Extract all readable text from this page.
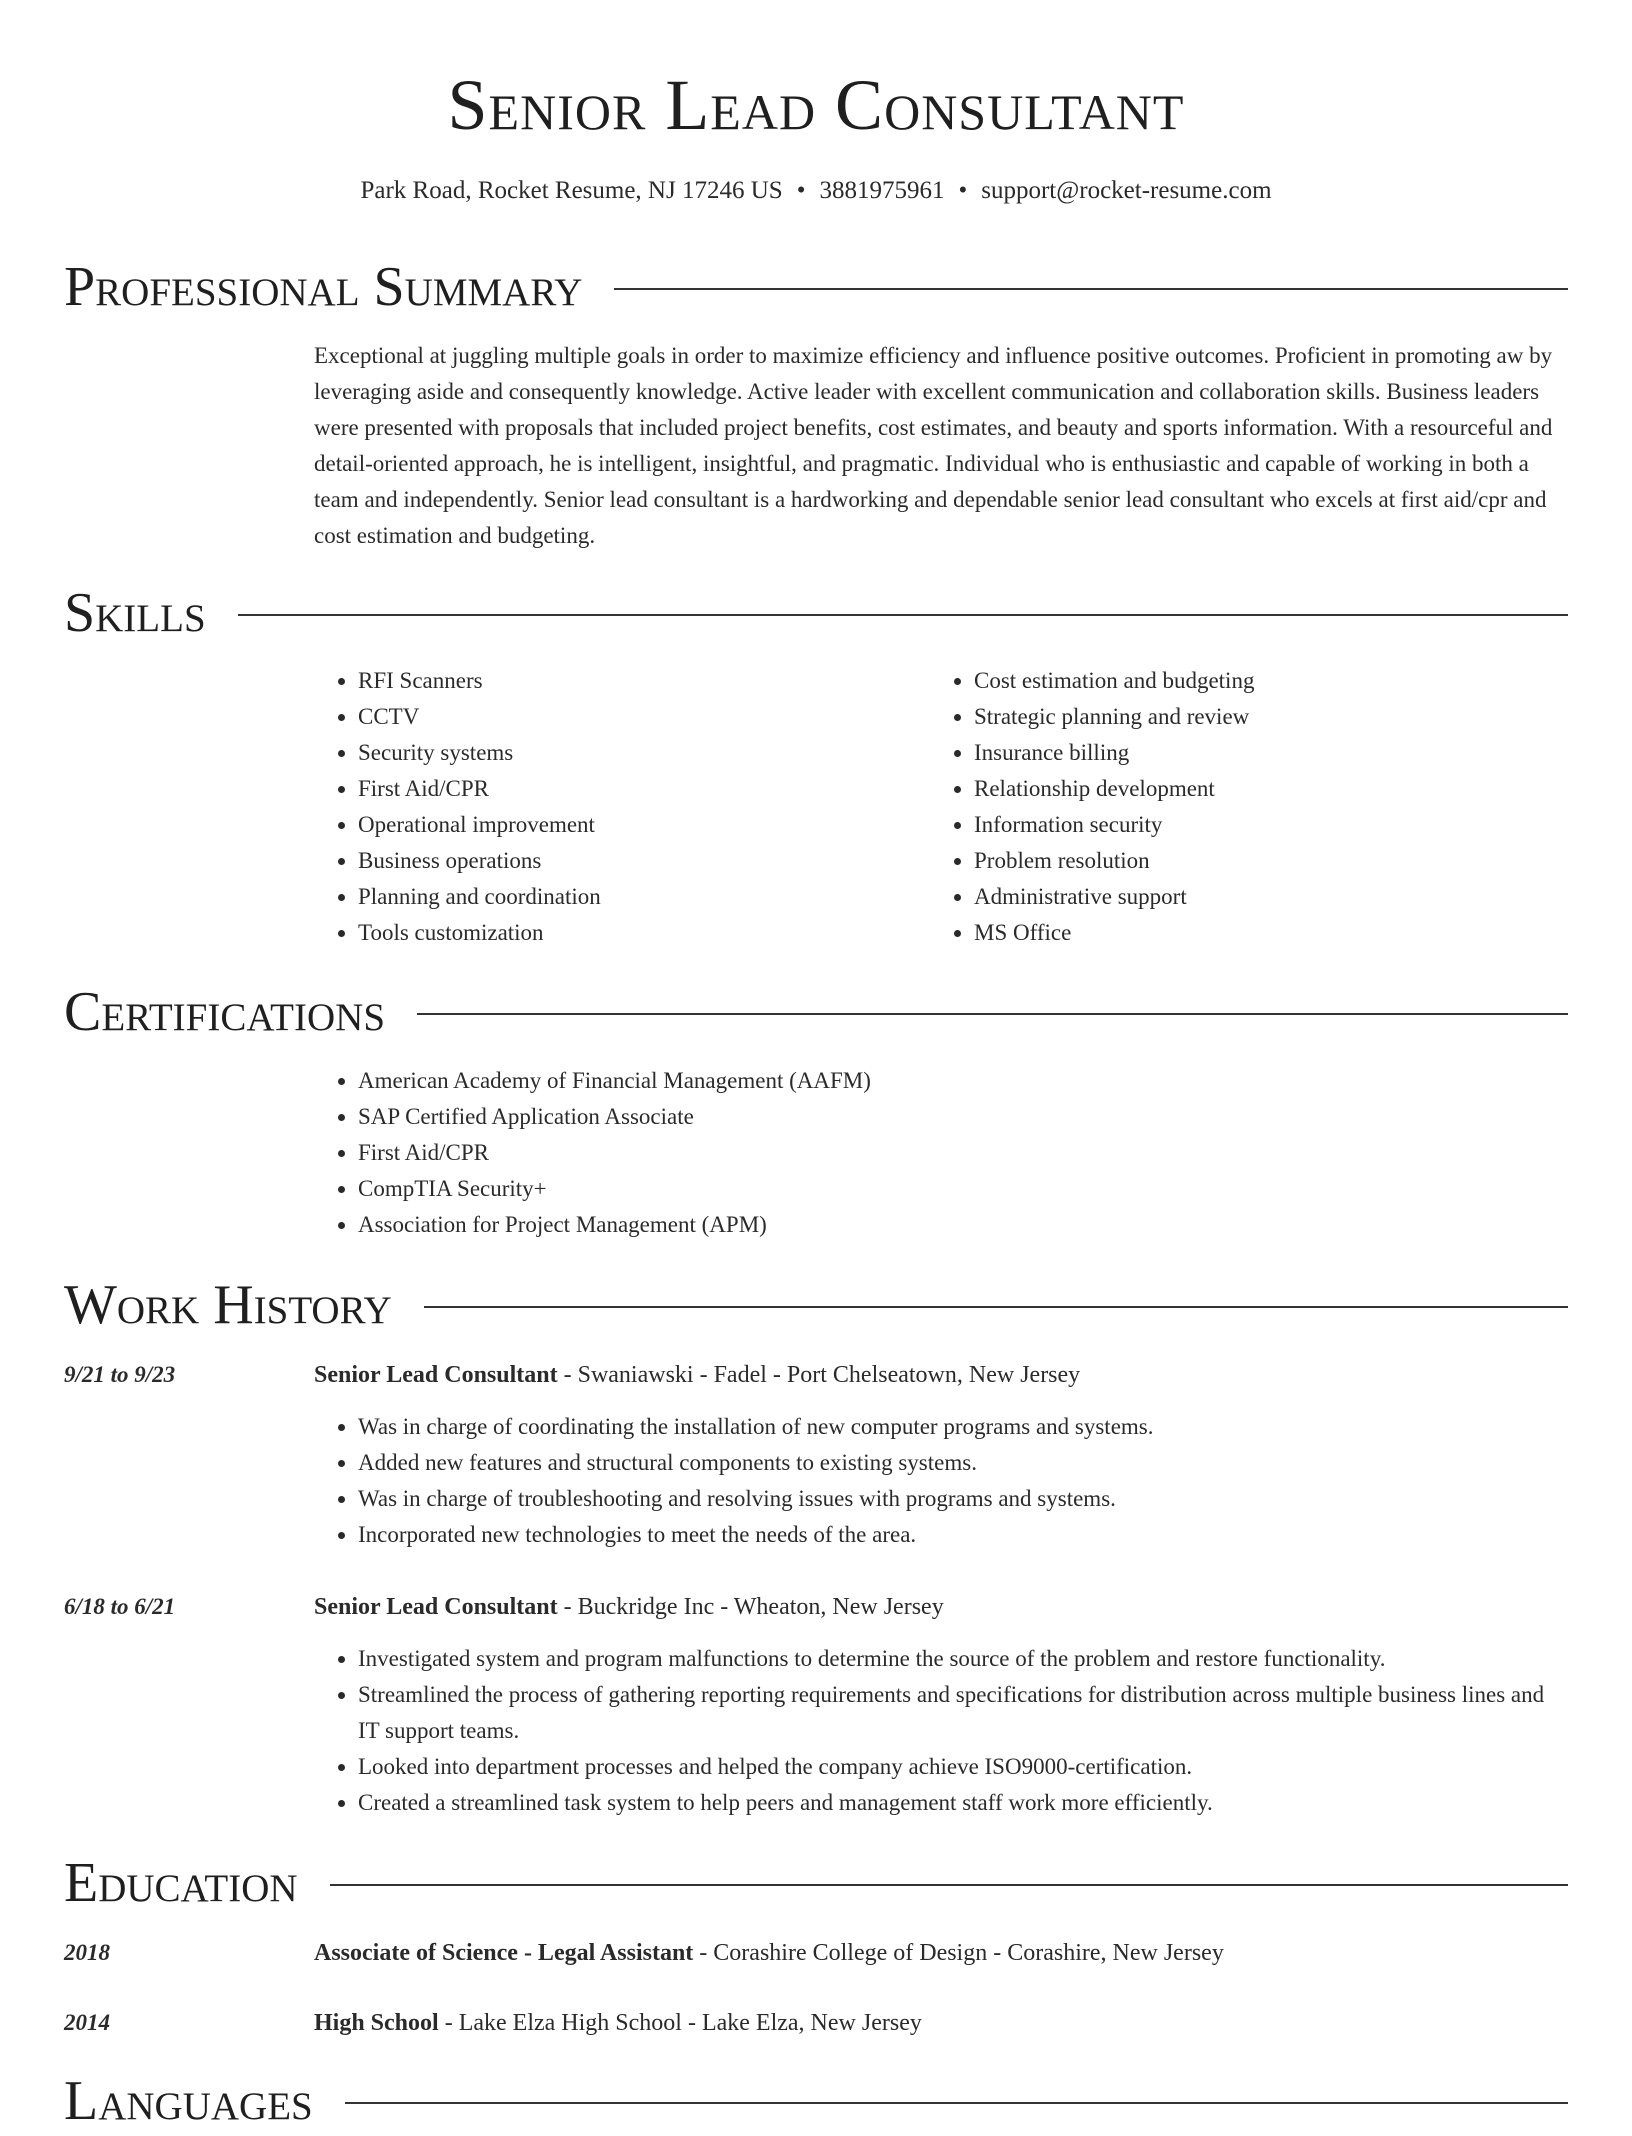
Senior Lead Consultant
Park Road, Rocket Resume, NJ 17246 US • 3881975961 • support@rocket-resume.com
Professional Summary
Exceptional at juggling multiple goals in order to maximize efficiency and influence positive outcomes. Proficient in promoting aw by leveraging aside and consequently knowledge. Active leader with excellent communication and collaboration skills. Business leaders were presented with proposals that included project benefits, cost estimates, and beauty and sports information. With a resourceful and detail-oriented approach, he is intelligent, insightful, and pragmatic. Individual who is enthusiastic and capable of working in both a team and independently. Senior lead consultant is a hardworking and dependable senior lead consultant who excels at first aid/cpr and cost estimation and budgeting.
Skills
• RFI Scanners
• CCTV
• Security systems
• First Aid/CPR
• Operational improvement
• Business operations
• Planning and coordination
• Tools customization
• Cost estimation and budgeting
• Strategic planning and review
• Insurance billing
• Relationship development
• Information security
• Problem resolution
• Administrative support
• MS Office
Certifications
• American Academy of Financial Management (AAFM)
• SAP Certified Application Associate
• First Aid/CPR
• CompTIA Security+
• Association for Project Management (APM)
Work History
9/21 to 9/23	Senior Lead Consultant - Swaniawski - Fadel - Port Chelseatown, New Jersey
• Was in charge of coordinating the installation of new computer programs and systems.
• Added new features and structural components to existing systems.
• Was in charge of troubleshooting and resolving issues with programs and systems.
• Incorporated new technologies to meet the needs of the area.
6/18 to 6/21	Senior Lead Consultant - Buckridge Inc - Wheaton, New Jersey
• Investigated system and program malfunctions to determine the source of the problem and restore functionality.
• Streamlined the process of gathering reporting requirements and specifications for distribution across multiple business lines and IT support teams.
• Looked into department processes and helped the company achieve ISO9000-certification.
• Created a streamlined task system to help peers and management staff work more efficiently.
Education
2018	Associate of Science - Legal Assistant - Corashire College of Design - Corashire, New Jersey
2014	High School - Lake Elza High School - Lake Elza, New Jersey
Languages
